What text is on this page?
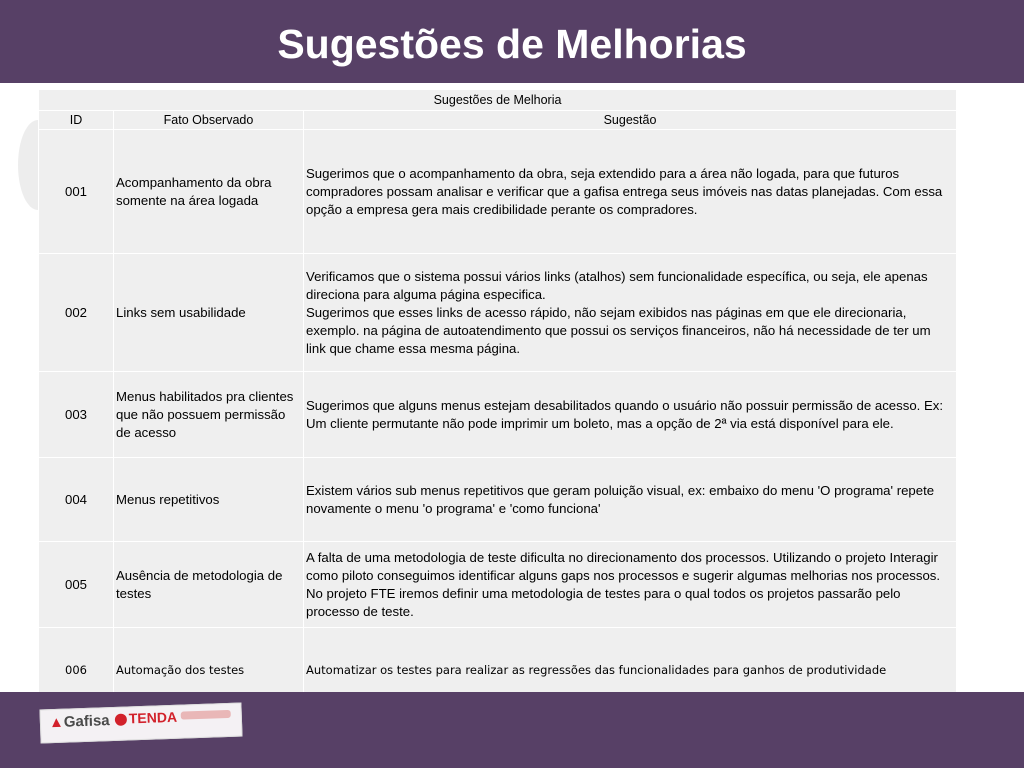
Sugestões de Melhorias
Sugestões de Melhoria		
ID	Fato Observado	Sugestão
001	Acompanhamento da obra somente na área logada	Sugerimos que o acompanhamento da obra, seja extendido para a área não logada, para que futuros compradores possam analisar e verificar que a gafisa entrega seus imóveis nas datas planejadas. Com essa opção a empresa gera mais credibilidade perante os compradores.
002	Links sem usabilidade	Verificamos que o sistema possui vários links (atalhos) sem funcionalidade específica, ou seja, ele apenas direciona para alguma página especifica.
Sugerimos que esses links de acesso rápido, não sejam exibidos nas páginas em que ele direcionaria, exemplo. na página de autoatendimento que possui os serviços financeiros, não há necessidade de ter um link que chame essa mesma página.

003	Menus habilitados pra clientes que não possuem permissão de acesso	Sugerimos que alguns menus estejam desabilitados quando o usuário não possuir permissão de acesso. Ex: Um cliente permutante não pode imprimir um boleto, mas a opção de 2ª via está disponível para ele.
004	Menus repetitivos	Existem vários sub menus repetitivos que geram poluição visual, ex: embaixo do menu 'O programa' repete novamente o menu 'o programa' e 'como funciona'
005	Ausência de metodologia de testes	A falta de uma metodologia de teste dificulta no direcionamento dos processos. Utilizando o projeto Interagir como piloto conseguimos identificar alguns gaps nos processos e sugerir algumas melhorias nos processos. No projeto FTE iremos definir uma metodologia de testes para o qual todos os projetos passarão pelo processo de teste.
006	Automação dos testes	Automatizar os testes para realizar as regressões das funcionalidades para ganhos de produtividade
▲Gafisa	TENDA
